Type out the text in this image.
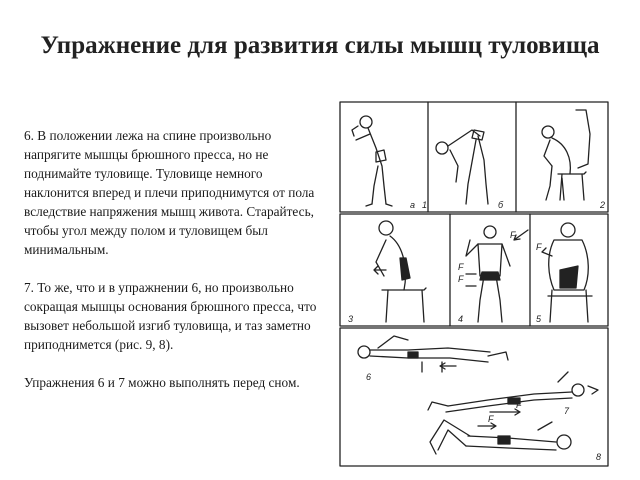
Упражнение для развития силы мышц туловища

6. В положении лежа на спине произвольно напрягите мышцы брюшного пресса, но не поднимайте туловище. Туловище немного наклонится вперед и плечи приподнимутся от пола вследствие напряжения мышц живота. Старайтесь, чтобы угол между полом и туловищем был минимальным.

7. То же, что и в упражнении 6, но произвольно сокращая мышцы основания брюшного пресса, что вызовет небольшой изгиб туловища, и таз заметно приподнимется (рис. 9, 8).

Упражнения 6 и 7 можно выполнять перед сном.

a	б
1	2
3	4	5
6
7
8
F
F
F
F
F
F
